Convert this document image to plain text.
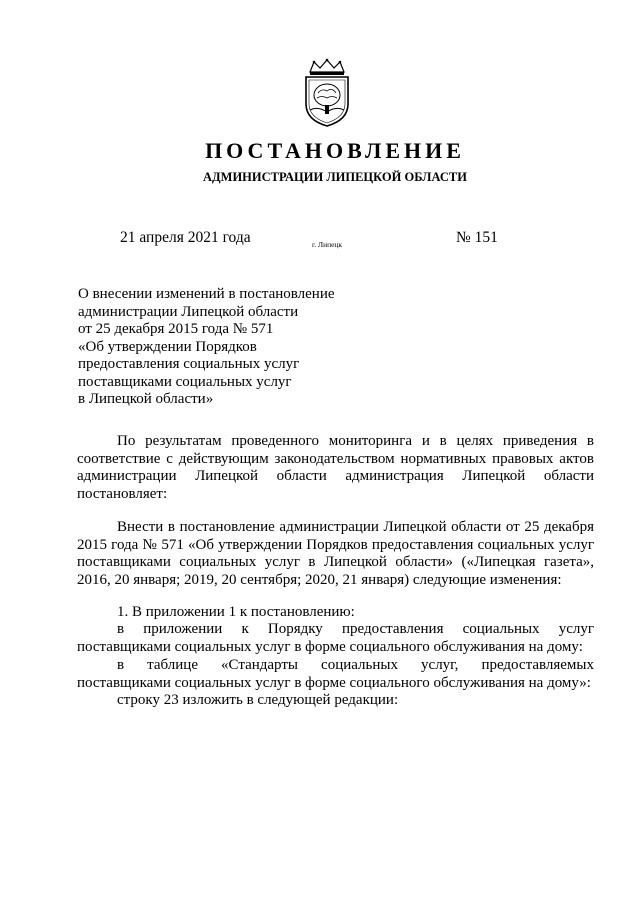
ПОСТАНОВЛЕНИЕ
АДМИНИСТРАЦИИ ЛИПЕЦКОЙ ОБЛАСТИ
21 апреля 2021 года	г. Липецк	№ 151
О внесении изменений в постановление
администрации Липецкой области
от 25 декабря 2015 года № 571
«Об утверждении Порядков
предоставления социальных услуг
поставщиками социальных услуг
в Липецкой области»

По результатам проведенного мониторинга и в целях приведения в соответствие с действующим законодательством нормативных правовых актов администрации Липецкой области администрация Липецкой области постановляет:

Внести в постановление администрации Липецкой области от 25 декабря 2015 года № 571 «Об утверждении Порядков предоставления социальных услуг поставщиками социальных услуг в Липецкой области» («Липецкая газета», 2016, 20 января; 2019, 20 сентября; 2020, 21 января) следующие изменения:

1. В приложении 1 к постановлению:

в приложении к Порядку предоставления социальных услуг поставщиками социальных услуг в форме социального обслуживания на дому:

в таблице «Стандарты социальных услуг, предоставляемых поставщиками социальных услуг в форме социального обслуживания на дому»:

строку 23 изложить в следующей редакции:
